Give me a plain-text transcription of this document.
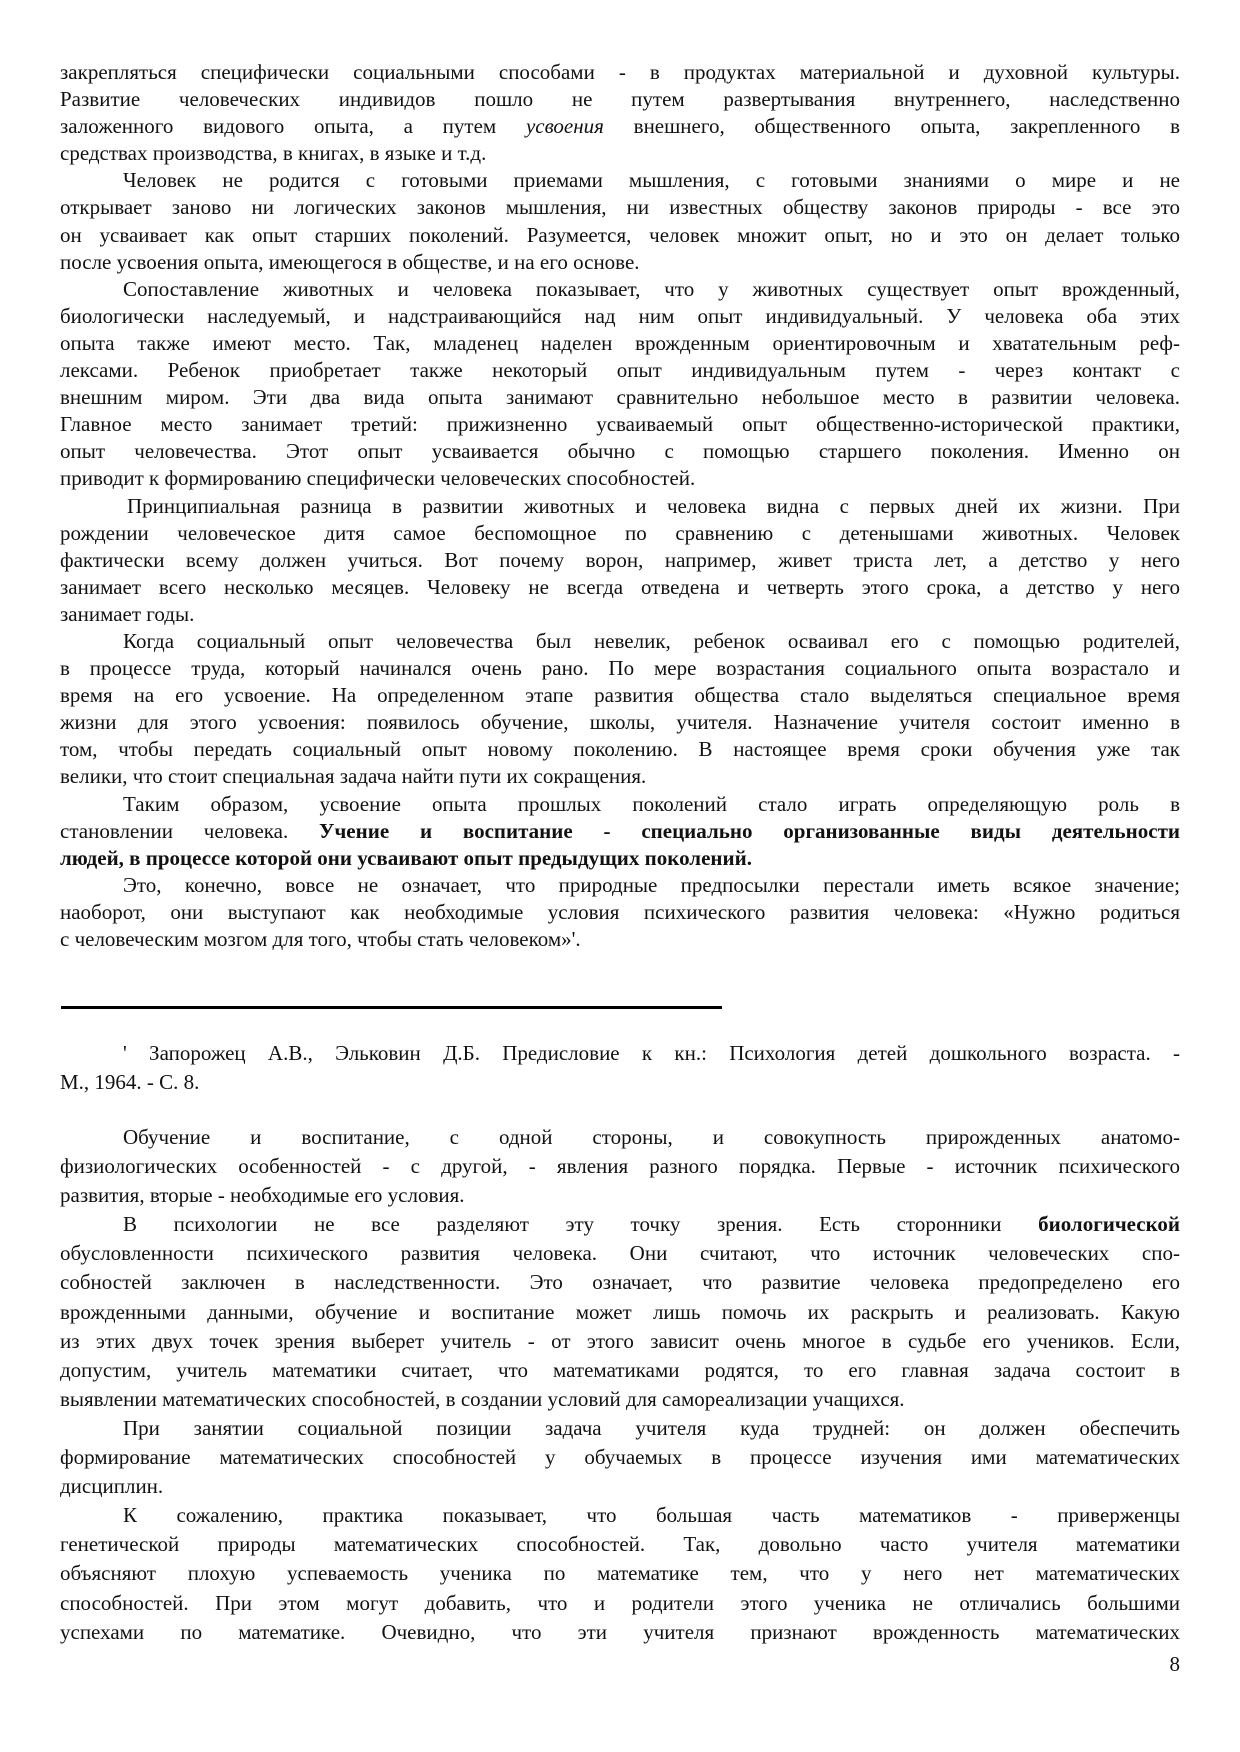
закрепляться специфически социальными способами - в продуктах материальной и духовной культуры.
Развитие человеческих индивидов пошло не путем развертывания внутреннего, наследственно
заложенного видового опыта, а путем усвоения внешнего, общественного опыта, закрепленного в
средствах производства, в книгах, в языке и т.д.
Человек не родится с готовыми приемами мышления, с готовыми знаниями о мире и не
открывает заново ни логических законов мышления, ни известных обществу законов природы - все это
он усваивает как опыт старших поколений. Разумеется, человек множит опыт, но и это он делает только
после усвоения опыта, имеющегося в обществе, и на его основе.
Сопоставление животных и человека показывает, что у животных существует опыт врожденный,
биологически наследуемый, и надстраивающийся над ним опыт индивидуальный. У человека оба этих
опыта также имеют место. Так, младенец наделен врожденным ориентировочным и хватательным реф-
лексами. Ребенок приобретает также некоторый опыт индивидуальным путем - через контакт с
внешним миром. Эти два вида опыта занимают сравнительно небольшое место в развитии человека.
Главное место занимает третий: прижизненно усваиваемый опыт общественно-исторической практики,
опыт человечества. Этот опыт усваивается обычно с помощью старшего поколения. Именно он
приводит к формированию специфически человеческих способностей.
Принципиальная разница в развитии животных и человека видна с первых дней их жизни. При
рождении человеческое дитя самое беспомощное по сравнению с детенышами животных. Человек
фактически всему должен учиться. Вот почему ворон, например, живет триста лет, а детство у него
занимает всего несколько месяцев. Человеку не всегда отведена и четверть этого срока, а детство у него
занимает годы.
Когда социальный опыт человечества был невелик, ребенок осваивал его с помощью родителей,
в процессе труда, который начинался очень рано. По мере возрастания социального опыта возрастало и
время на его усвоение. На определенном этапе развития общества стало выделяться специальное время
жизни для этого усвоения: появилось обучение, школы, учителя. Назначение учителя состоит именно в
том, чтобы передать социальный опыт новому поколению. В настоящее время сроки обучения уже так
велики, что стоит специальная задача найти пути их сокращения.
Таким образом, усвоение опыта прошлых поколений стало играть определяющую роль в
становлении человека. Учение и воспитание - специально организованные виды деятельности
людей, в процессе которой они усваивают опыт предыдущих поколений.
Это, конечно, вовсе не означает, что природные предпосылки перестали иметь всякое значение;
наоборот, они выступают как необходимые условия психического развития человека: «Нужно родиться
с человеческим мозгом для того, чтобы стать человеком»'.
' Запорожец А.В., Эльковин Д.Б. Предисловие к кн.: Психология детей дошкольного возраста. -
М., 1964. - С. 8.
Обучение и воспитание, с одной стороны, и совокупность прирожденных анатомо-
физиологических особенностей - с другой, - явления разного порядка. Первые - источник психического
развития, вторые - необходимые его условия.
В психологии не все разделяют эту точку зрения. Есть сторонники биологической
обусловленности психического развития человека. Они считают, что источник человеческих спо-
собностей заключен в наследственности. Это означает, что развитие человека предопределено его
врожденными данными, обучение и воспитание может лишь помочь их раскрыть и реализовать. Какую
из этих двух точек зрения выберет учитель - от этого зависит очень многое в судьбе его учеников. Если,
допустим, учитель математики считает, что математиками родятся, то его главная задача состоит в
выявлении математических способностей, в создании условий для самореализации учащихся.
При занятии социальной позиции задача учителя куда трудней: он должен обеспечить
формирование математических способностей у обучаемых в процессе изучения ими математических
дисциплин.
К сожалению, практика показывает, что большая часть математиков - приверженцы
генетической природы математических способностей. Так, довольно часто учителя математики
объясняют плохую успеваемость ученика по математике тем, что у него нет математических
способностей. При этом могут добавить, что и родители этого ученика не отличались большими
успехами по математике. Очевидно, что эти учителя признают врожденность математических
8
